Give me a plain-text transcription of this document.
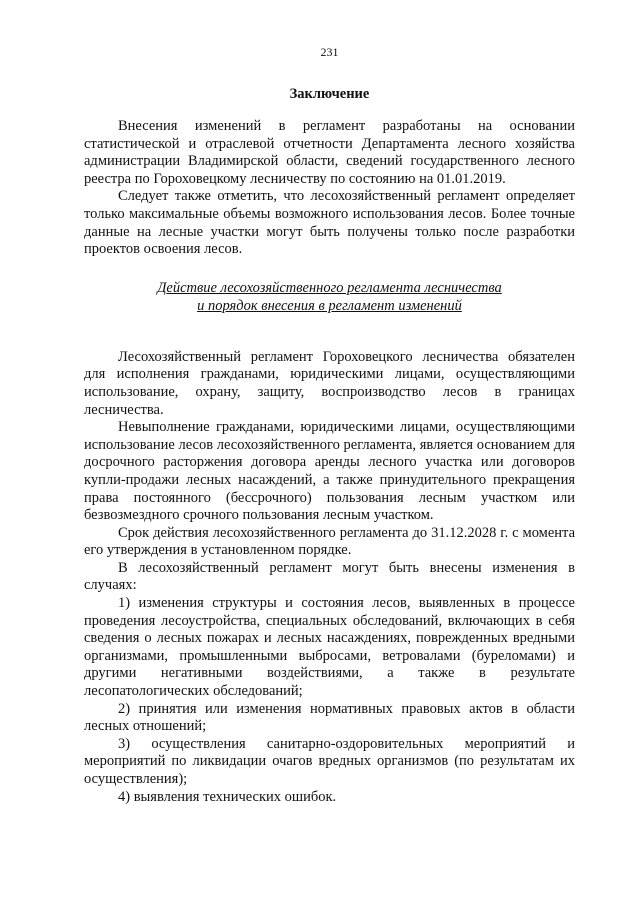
231
Заключение

Внесения изменений в регламент разработаны на основании статистической и отраслевой отчетности Департамента лесного хозяйства администрации Владимирской области, сведений государственного лесного реестра по Гороховецкому лесничеству по состоянию на 01.01.2019.

Следует также отметить, что лесохозяйственный регламент определяет только максимальные объемы возможного использования лесов. Более точные данные на лесные участки могут быть получены только после разработки проектов освоения лесов.

Действие лесохозяйственного регламента лесничества
и порядок внесения в регламент изменений

Лесохозяйственный регламент Гороховецкого лесничества обязателен для исполнения гражданами, юридическими лицами, осуществляющими использование, охрану, защиту, воспроизводство лесов в границах лесничества.

Невыполнение гражданами, юридическими лицами, осуществляющими использование лесов лесохозяйственного регламента, является основанием для досрочного расторжения договора аренды лесного участка или договоров купли-продажи лесных насаждений, а также принудительного прекращения права постоянного (бессрочного) пользования лесным участком или безвозмездного срочного пользования лесным участком.

Срок действия лесохозяйственного регламента до 31.12.2028 г. с момента его утверждения в установленном порядке.

В лесохозяйственный регламент могут быть внесены изменения в случаях:

1) изменения структуры и состояния лесов, выявленных в процессе проведения лесоустройства, специальных обследований, включающих в себя сведения о лесных пожарах и лесных насаждениях, поврежденных вредными организмами, промышленными выбросами, ветровалами (буреломами) и другими негативными воздействиями, а также в результате лесопатологических обследований;

2) принятия или изменения нормативных правовых актов в области лесных отношений;

3) осуществления санитарно-оздоровительных мероприятий и мероприятий по ликвидации очагов вредных организмов (по результатам их осуществления);

4) выявления технических ошибок.
